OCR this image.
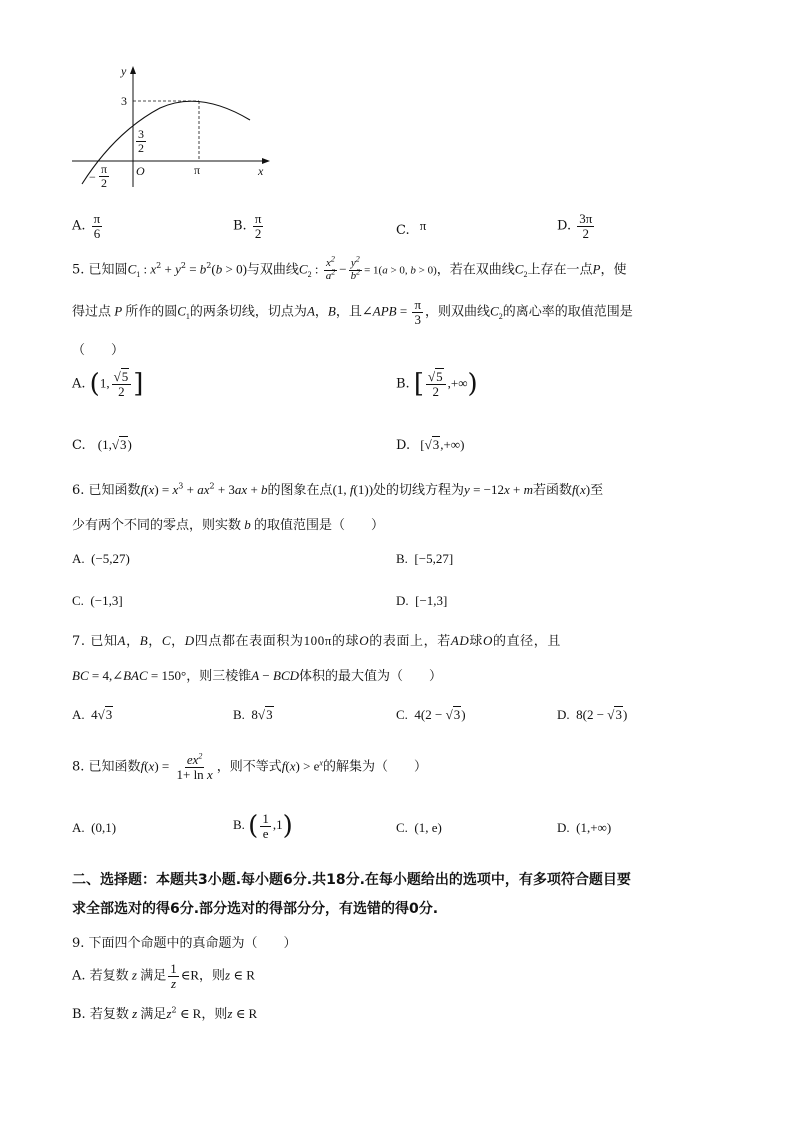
y
x
O
3
$\frac{3}{2}$
− $\frac{\pi}{2}$	π
A. $\frac{\pi}{6}$	B. $\frac{\pi}{2}$	C. π	D. $\frac{3\pi}{2}$
5. 已知圆$C_1$ : $x^2 + y^2 = b^2(b > 0)$与双曲线$C_2$ : $\frac{x^2}{a^2} - \frac{y^2}{b^2} = 1(a > 0$, b > 0)，若在双曲线$C_2$上存在一点P，使
得过点 P 所作的圆$C_1$的两条切线，切点为A，B，且∠APB = $\frac{\pi}{3}$ ，则双曲线$C_2$的离心率的取值范围是
（　　）
A. (1, $\frac{√5}{2}$ ]	B. [ $\frac{√5}{2}$ ,+∞)
C. (1,√3)	D. [√3,+∞)
6. 已知函数$f(x) = x^3 + ax^2 + 3ax + b$的图象在点(1, f(1))处的切线方程为y = −12x + m若函数f(x)至
少有两个不同的零点，则实数 b 的取值范围是（　　）
A. (−5,27)	B. [−5,27]
C. (−1,3]	D. [−1,3]
7. 已知A，B，C，D四点都在表面积为100π的球O的表面上，若AD球O的直径，且
BC = 4,∠BAC = 150°，则三棱锥A − BCD体积的最大值为（　　）
A.  4√3	B.  8√3	C.  4(2 − √3)	D.  8(2 − √3)
8. 已知函数$f(x) = \frac{ex^2}{\text{1+ ln x}}$ ，则不等式$f(x) > e^x$的解集为（　　）
A. (0,1)	B. ( $\frac{1}{e} ,1$)	C. (1, e)	D. (1,+∞)
二、选择题：本题共3小题.每小题6分.共18分.在每小题给出的选项中，有多项符合题目要
求全部选对的得6分.部分选对的得部分分，有选错的得0分.
9. 下面四个命题中的真命题为（　　）
A. 若复数 z 满足 $\frac{1}{z}$ ∈R，则z ∈ R
B. 若复数 z 满足$z^2$ ∈ R，则z ∈ R
